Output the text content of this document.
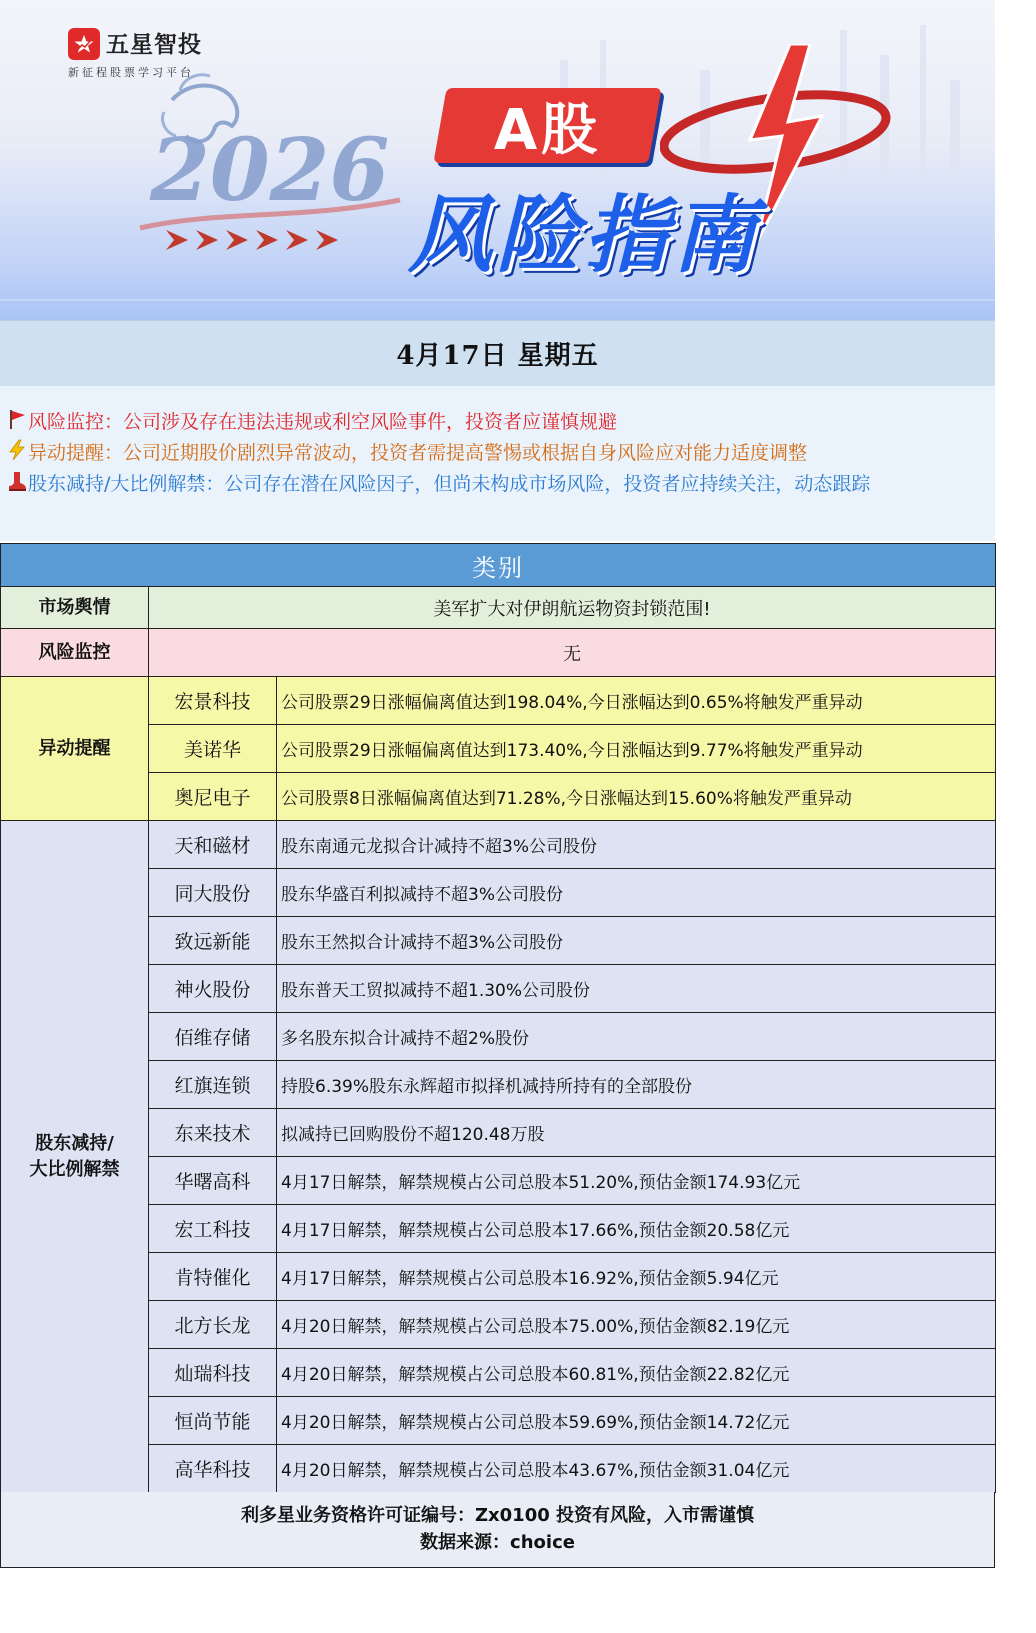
五星智投
新征程股票学习平台
2026	A股
风险指南
4月17日 星期五
风险监控：公司涉及存在违法违规或利空风险事件，投资者应谨慎规避
异动提醒：公司近期股价剧烈异常波动，投资者需提高警惕或根据自身风险应对能力适度调整
股东减持/大比例解禁：公司存在潜在风险因子，但尚未构成市场风险，投资者应持续关注，动态跟踪
类别		
市场舆情	美军扩大对伊朗航运物资封锁范围!	
风险监控	无	
异动提醒	宏景科技	公司股票29日涨幅偏离值达到198.04%,今日涨幅达到0.65%将触发严重异动
	美诺华	公司股票29日涨幅偏离值达到173.40%,今日涨幅达到9.77%将触发严重异动
	奥尼电子	公司股票8日涨幅偏离值达到71.28%,今日涨幅达到15.60%将触发严重异动

股东减持/
大比例解禁	天和磁材	股东南通元龙拟合计减持不超3%公司股份
	同大股份	股东华盛百利拟减持不超3%公司股份
	致远新能	股东王然拟合计减持不超3%公司股份
	神火股份	股东普天工贸拟减持不超1.30%公司股份
	佰维存储	多名股东拟合计减持不超2%股份
	红旗连锁	持股6.39%股东永辉超市拟择机减持所持有的全部股份
	东来技术	拟减持已回购股份不超120.48万股
	华曙高科	4月17日解禁，解禁规模占公司总股本51.20%,预估金额174.93亿元
	宏工科技	4月17日解禁，解禁规模占公司总股本17.66%,预估金额20.58亿元
	肯特催化	4月17日解禁，解禁规模占公司总股本16.92%,预估金额5.94亿元
	北方长龙	4月20日解禁，解禁规模占公司总股本75.00%,预估金额82.19亿元
	灿瑞科技	4月20日解禁，解禁规模占公司总股本60.81%,预估金额22.82亿元
	恒尚节能	4月20日解禁，解禁规模占公司总股本59.69%,预估金额14.72亿元
	高华科技	4月20日解禁，解禁规模占公司总股本43.67%,预估金额31.04亿元
利多星业务资格许可证编号：Zx0100 投资有风险，入市需谨慎
数据来源：choice
